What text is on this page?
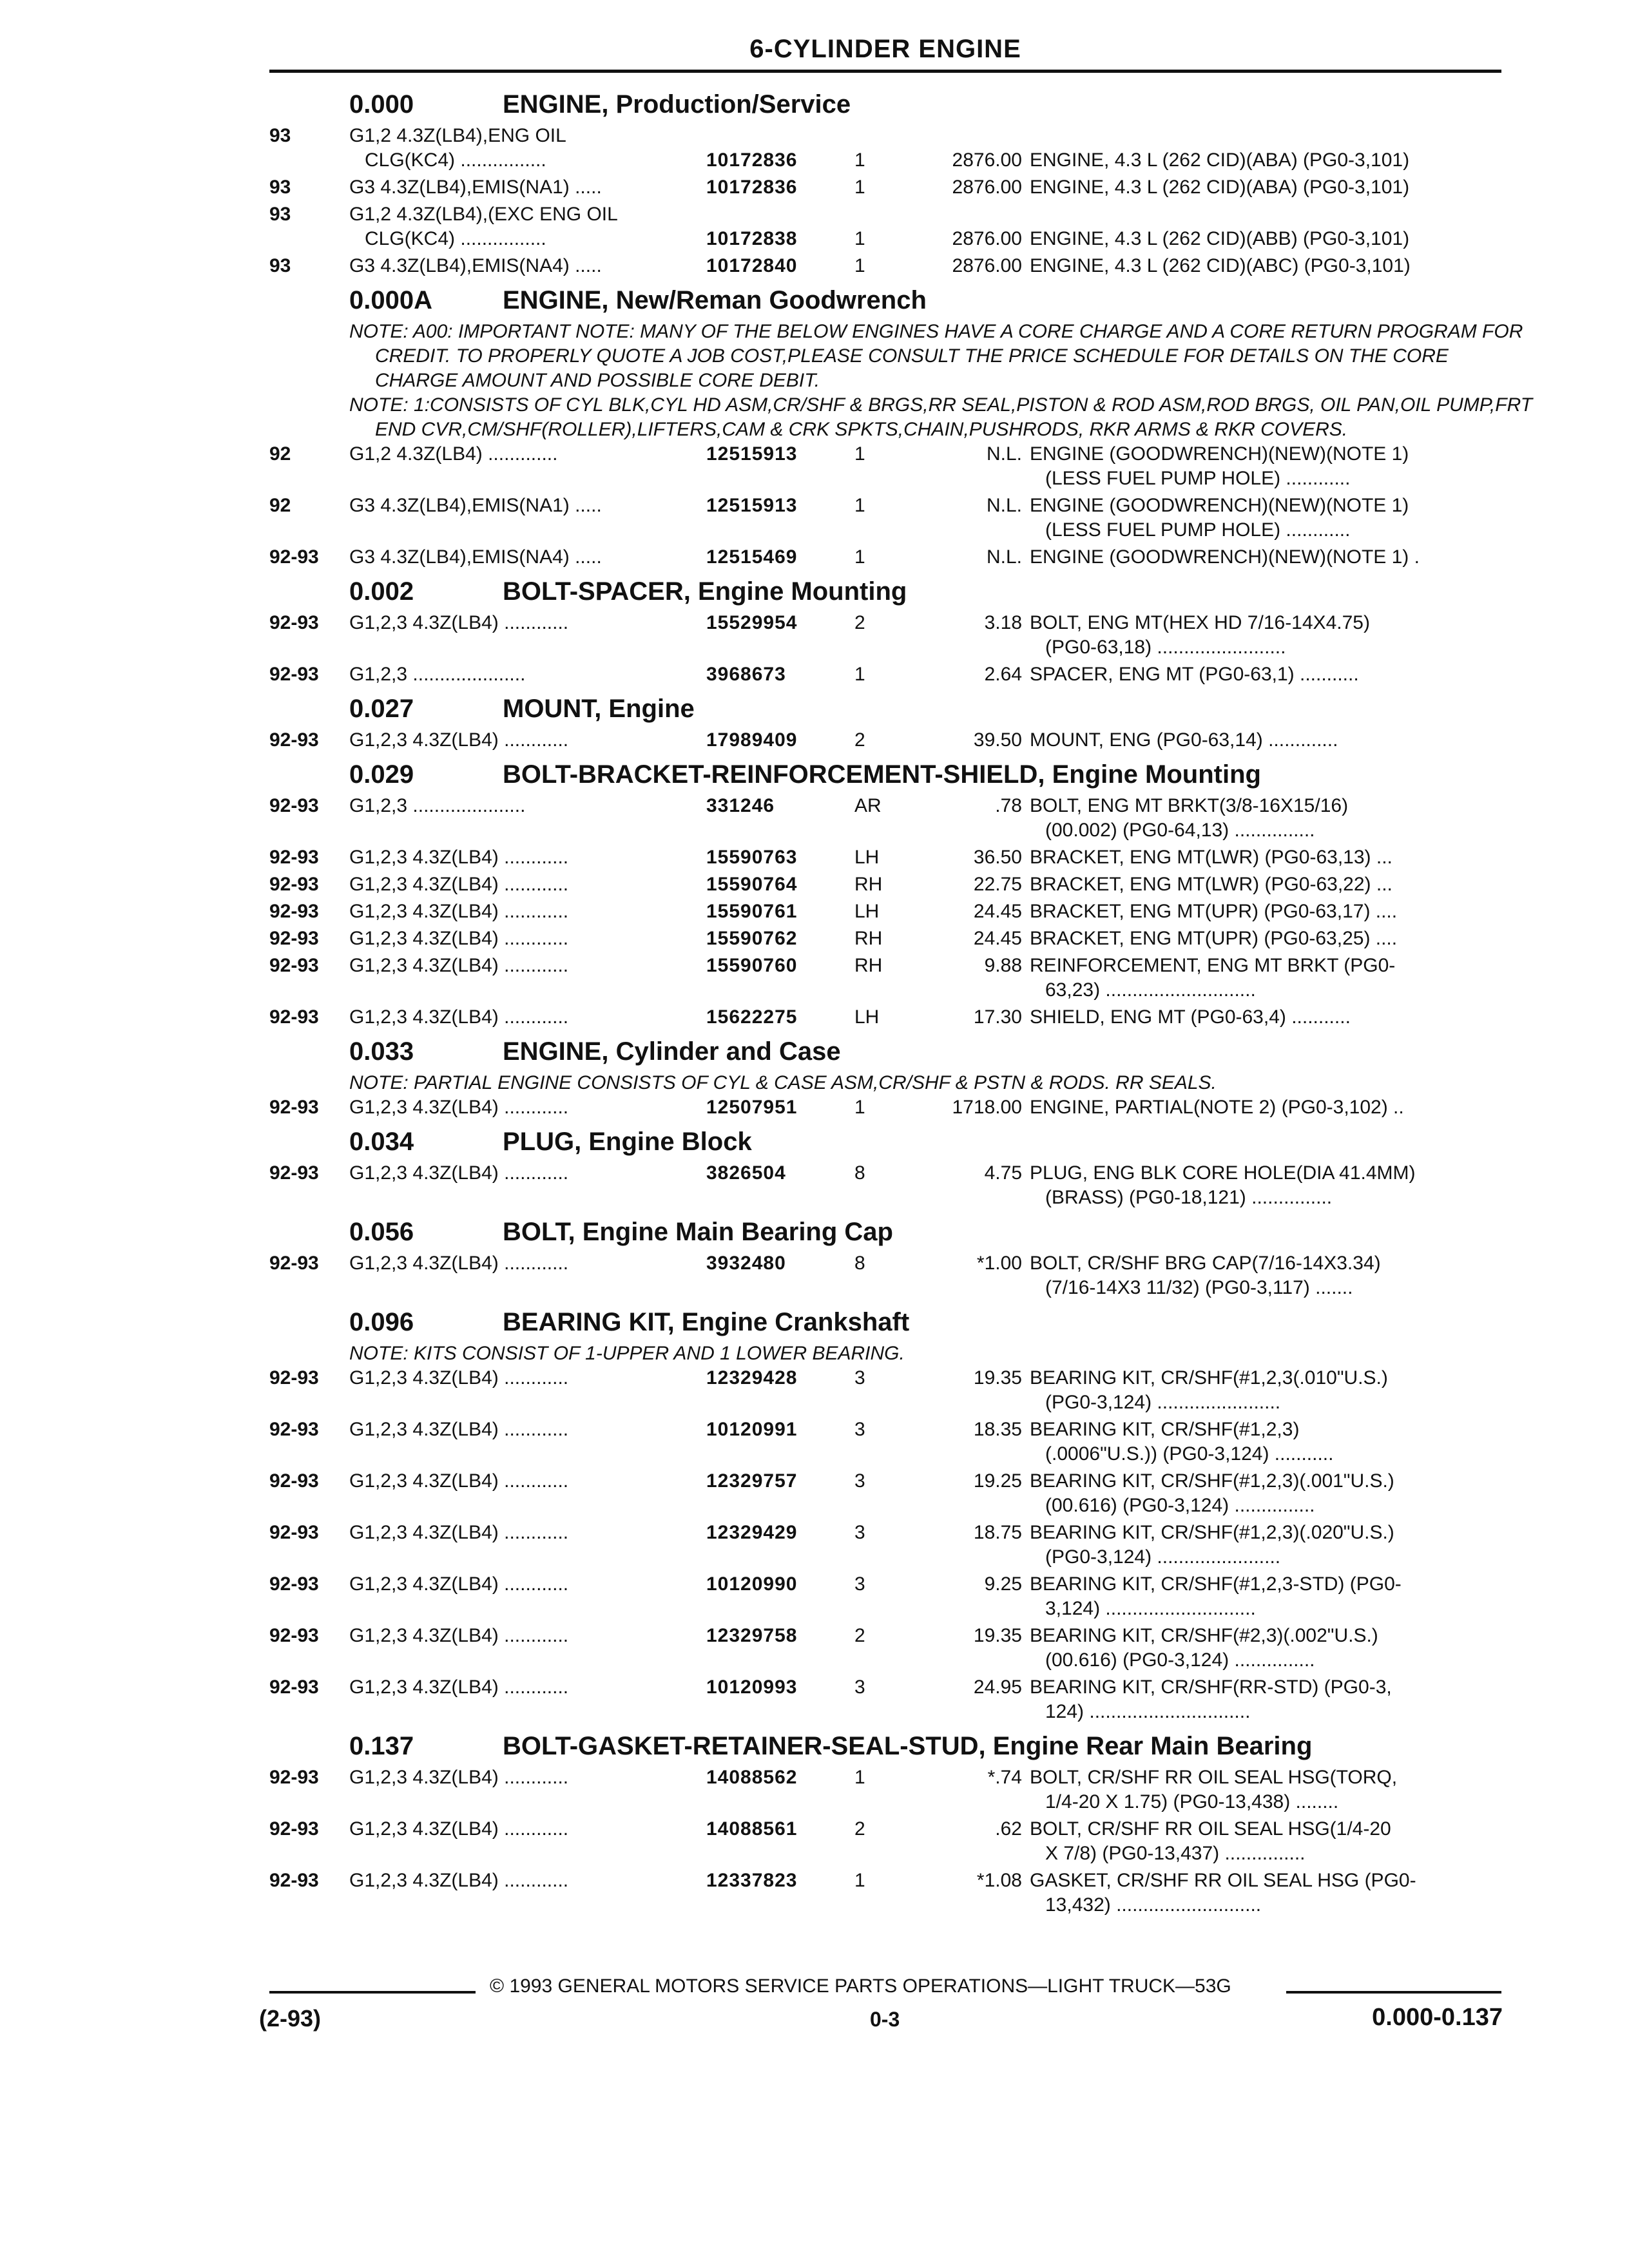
6-CYLINDER ENGINE
0.000	ENGINE, Production/Service
93	G1,2 4.3Z(LB4),ENG OIL
CLG(KC4) ................	10172836	1	2876.00 ENGINE, 4.3 L (262 CID)(ABA) (PG0-3,101)
93	G3 4.3Z(LB4),EMIS(NA1) .....	10172836	1	2876.00 ENGINE, 4.3 L (262 CID)(ABA) (PG0-3,101)
93	G1,2 4.3Z(LB4),(EXC ENG OIL
CLG(KC4) ................	10172838	1	2876.00 ENGINE, 4.3 L (262 CID)(ABB) (PG0-3,101)
93	G3 4.3Z(LB4),EMIS(NA4) .....	10172840	1	2876.00 ENGINE, 4.3 L (262 CID)(ABC) (PG0-3,101)
0.000A	ENGINE, New/Reman Goodwrench
NOTE: A00: IMPORTANT NOTE: MANY OF THE BELOW ENGINES HAVE A CORE CHARGE AND A CORE RETURN PROGRAM FOR CREDIT. TO PROPERLY QUOTE A JOB COST,PLEASE CONSULT THE PRICE SCHEDULE FOR DETAILS ON THE CORE CHARGE AMOUNT AND POSSIBLE CORE DEBIT.
NOTE: 1:CONSISTS OF CYL BLK,CYL HD ASM,CR/SHF & BRGS,RR SEAL,PISTON & ROD ASM,ROD BRGS, OIL PAN,OIL PUMP,FRT END CVR,CM/SHF(ROLLER),LIFTERS,CAM & CRK SPKTS,CHAIN,PUSHRODS, RKR ARMS & RKR COVERS.
92	G1,2 4.3Z(LB4) .............	12515913	1	N.L. ENGINE (GOODWRENCH)(NEW)(NOTE 1)
(LESS FUEL PUMP HOLE) ............
92	G3 4.3Z(LB4),EMIS(NA1) .....	12515913	1	N.L. ENGINE (GOODWRENCH)(NEW)(NOTE 1)
(LESS FUEL PUMP HOLE) ............
92-93	G3 4.3Z(LB4),EMIS(NA4) .....	12515469	1	N.L. ENGINE (GOODWRENCH)(NEW)(NOTE 1) .
0.002	BOLT-SPACER, Engine Mounting
92-93	G1,2,3 4.3Z(LB4) ............	15529954	2	3.18 BOLT, ENG MT(HEX HD 7/16-14X4.75)
(PG0-63,18) ........................
92-93	G1,2,3 .....................	3968673	1	2.64 SPACER, ENG MT (PG0-63,1) ...........
0.027	MOUNT, Engine
92-93	G1,2,3 4.3Z(LB4) ............	17989409	2	39.50 MOUNT, ENG (PG0-63,14) .............
0.029	BOLT-BRACKET-REINFORCEMENT-SHIELD, Engine Mounting
92-93	G1,2,3 .....................	331246	AR	.78 BOLT, ENG MT BRKT(3/8-16X15/16)
(00.002) (PG0-64,13) ...............
92-93	G1,2,3 4.3Z(LB4) ............	15590763	LH	36.50 BRACKET, ENG MT(LWR) (PG0-63,13) ...
92-93	G1,2,3 4.3Z(LB4) ............	15590764	RH	22.75 BRACKET, ENG MT(LWR) (PG0-63,22) ...
92-93	G1,2,3 4.3Z(LB4) ............	15590761	LH	24.45 BRACKET, ENG MT(UPR) (PG0-63,17) ....
92-93	G1,2,3 4.3Z(LB4) ............	15590762	RH	24.45 BRACKET, ENG MT(UPR) (PG0-63,25) ....
92-93	G1,2,3 4.3Z(LB4) ............	15590760	RH	9.88 REINFORCEMENT, ENG MT BRKT (PG0-
63,23) ............................
92-93	G1,2,3 4.3Z(LB4) ............	15622275	LH	17.30 SHIELD, ENG MT (PG0-63,4) ...........
0.033	ENGINE, Cylinder and Case
NOTE: PARTIAL ENGINE CONSISTS OF CYL & CASE ASM,CR/SHF & PSTN & RODS. RR SEALS.
92-93	G1,2,3 4.3Z(LB4) ............	12507951	1	1718.00 ENGINE, PARTIAL(NOTE 2) (PG0-3,102) ..
0.034	PLUG, Engine Block
92-93	G1,2,3 4.3Z(LB4) ............	3826504	8	4.75 PLUG, ENG BLK CORE HOLE(DIA 41.4MM)
(BRASS) (PG0-18,121) ...............
0.056	BOLT, Engine Main Bearing Cap
92-93	G1,2,3 4.3Z(LB4) ............	3932480	8	*1.00 BOLT, CR/SHF BRG CAP(7/16-14X3.34)
(7/16-14X3 11/32) (PG0-3,117) .......
0.096	BEARING KIT, Engine Crankshaft
NOTE: KITS CONSIST OF 1-UPPER AND 1 LOWER BEARING.
92-93	G1,2,3 4.3Z(LB4) ............	12329428	3	19.35 BEARING KIT, CR/SHF(#1,2,3(.010"U.S.)
(PG0-3,124) .......................
92-93	G1,2,3 4.3Z(LB4) ............	10120991	3	18.35 BEARING KIT, CR/SHF(#1,2,3)
(.0006"U.S.)) (PG0-3,124) ...........
92-93	G1,2,3 4.3Z(LB4) ............	12329757	3	19.25 BEARING KIT, CR/SHF(#1,2,3)(.001"U.S.)
(00.616) (PG0-3,124) ...............
92-93	G1,2,3 4.3Z(LB4) ............	12329429	3	18.75 BEARING KIT, CR/SHF(#1,2,3)(.020"U.S.)
(PG0-3,124) .......................
92-93	G1,2,3 4.3Z(LB4) ............	10120990	3	9.25 BEARING KIT, CR/SHF(#1,2,3-STD) (PG0-
3,124) ............................
92-93	G1,2,3 4.3Z(LB4) ............	12329758	2	19.35 BEARING KIT, CR/SHF(#2,3)(.002"U.S.)
(00.616) (PG0-3,124) ...............
92-93	G1,2,3 4.3Z(LB4) ............	10120993	3	24.95 BEARING KIT, CR/SHF(RR-STD) (PG0-3,
124) ..............................
0.137	BOLT-GASKET-RETAINER-SEAL-STUD, Engine Rear Main Bearing
92-93	G1,2,3 4.3Z(LB4) ............	14088562	1	*.74 BOLT, CR/SHF RR OIL SEAL HSG(TORQ,
1/4-20 X 1.75) (PG0-13,438) ........
92-93	G1,2,3 4.3Z(LB4) ............	14088561	2	.62 BOLT, CR/SHF RR OIL SEAL HSG(1/4-20
X 7/8) (PG0-13,437) ...............
92-93	G1,2,3 4.3Z(LB4) ............	12337823	1	*1.08 GASKET, CR/SHF RR OIL SEAL HSG (PG0-
13,432) ...........................
© 1993 GENERAL MOTORS SERVICE PARTS OPERATIONS—LIGHT TRUCK—53G
(2-93)	0-3	0.000-0.137
